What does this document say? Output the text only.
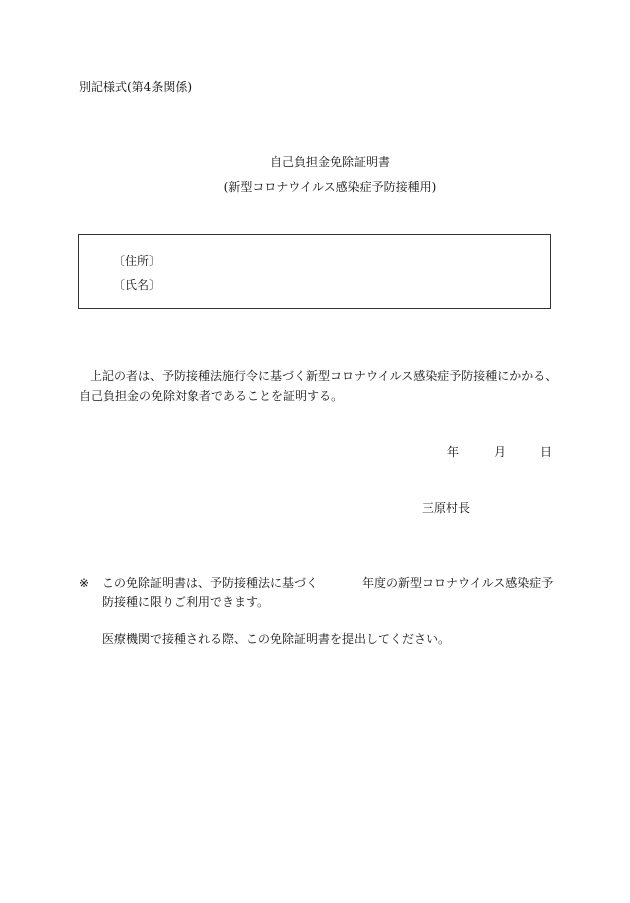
別記様式(第4条関係)
自己負担金免除証明書
(新型コロナウイルス感染症予防接種用)
〔住所〕
〔氏名〕
上記の者は、予防接種法施行令に基づく新型コロナウイルス感染症予防接種にかかる、
自己負担金の免除対象者であることを証明する。
年	月	日
三原村長
※ この免除証明書は、予防接種法に基づく	年度の新型コロナウイルス感染症予
防接種に限りご利用できます。
医療機関で接種される際、この免除証明書を提出してください。
